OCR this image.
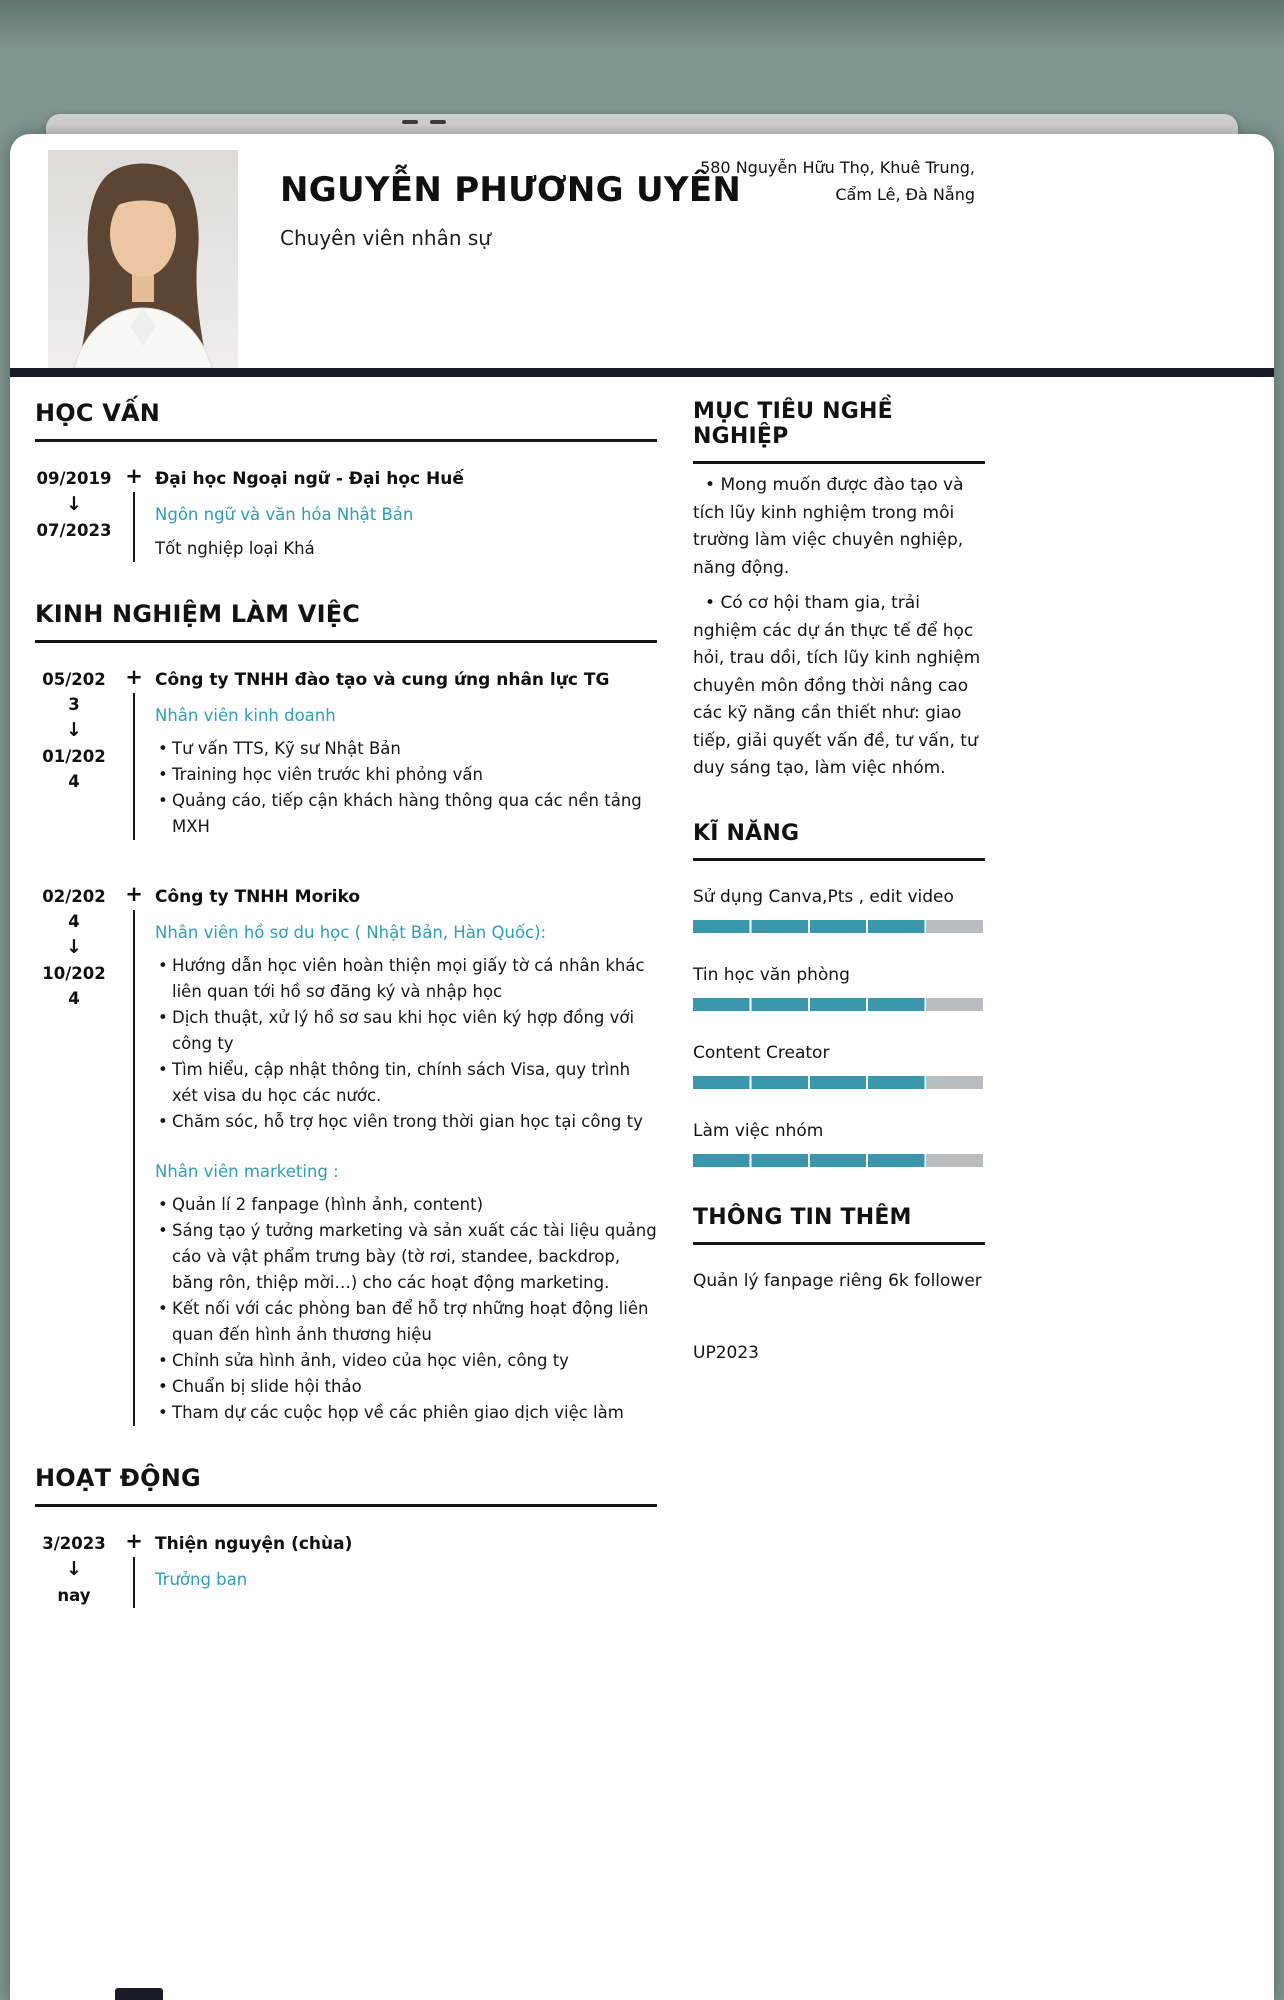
NGUYỄN PHƯƠNG UYÊN
Chuyên viên nhân sự
580 Nguyễn Hữu Thọ, Khuê Trung, Cẩm Lê, Đà Nẵng
HỌC VẤN
09/2019
↓
07/2023
+ Đại học Ngoại ngữ - Đại học Huế
Ngôn ngữ và văn hóa Nhật Bản
Tốt nghiệp loại Khá
KINH NGHIỆM LÀM VIỆC
05/2023
↓
01/2024
+ Công ty TNHH đào tạo và cung ứng nhân lực TG
Nhân viên kinh doanh
• Tư vấn TTS, Kỹ sư Nhật Bản
• Training học viên trước khi phỏng vấn
• Quảng cáo, tiếp cận khách hàng thông qua các nền tảng MXH
02/2024
↓
10/2024
+ Công ty TNHH Moriko
Nhân viên hồ sơ du học ( Nhật Bản, Hàn Quốc):
• Hướng dẫn học viên hoàn thiện mọi giấy tờ cá nhân khác liên quan tới hồ sơ đăng ký và nhập học
• Dịch thuật, xử lý hồ sơ sau khi học viên ký hợp đồng với công ty
• Tìm hiểu, cập nhật thông tin, chính sách Visa, quy trình xét visa du học các nước.
• Chăm sóc, hỗ trợ học viên trong thời gian học tại công ty
Nhân viên marketing :
• Quản lí 2 fanpage (hình ảnh, content)
• Sáng tạo ý tưởng marketing và sản xuất các tài liệu quảng cáo và vật phẩm trưng bày (tờ rơi, standee, backdrop, băng rôn, thiệp mời…) cho các hoạt động marketing.
• Kết nối với các phòng ban để hỗ trợ những hoạt động liên quan đến hình ảnh thương hiệu
• Chỉnh sửa hình ảnh, video của học viên, công ty
• Chuẩn bị slide hội thảo
• Tham dự các cuộc họp về các phiên giao dịch việc làm
HOẠT ĐỘNG
3/2023
↓
nay
+ Thiện nguyện (chùa)
Trưởng ban
MỤC TIÊU NGHỀ NGHIỆP

• Mong muốn được đào tạo và tích lũy kinh nghiệm trong môi trường làm việc chuyên nghiệp, năng động.

• Có cơ hội tham gia, trải nghiệm các dự án thực tế để học hỏi, trau dồi, tích lũy kinh nghiệm chuyên môn đồng thời nâng cao các kỹ năng cần thiết như: giao tiếp, giải quyết vấn đề, tư vấn, tư duy sáng tạo, làm việc nhóm.

KĨ NĂNG
Sử dụng Canva,Pts , edit video
Tin học văn phòng
Content Creator
Làm việc nhóm
THÔNG TIN THÊM
Quản lý fanpage riêng 6k follower
UP2023
